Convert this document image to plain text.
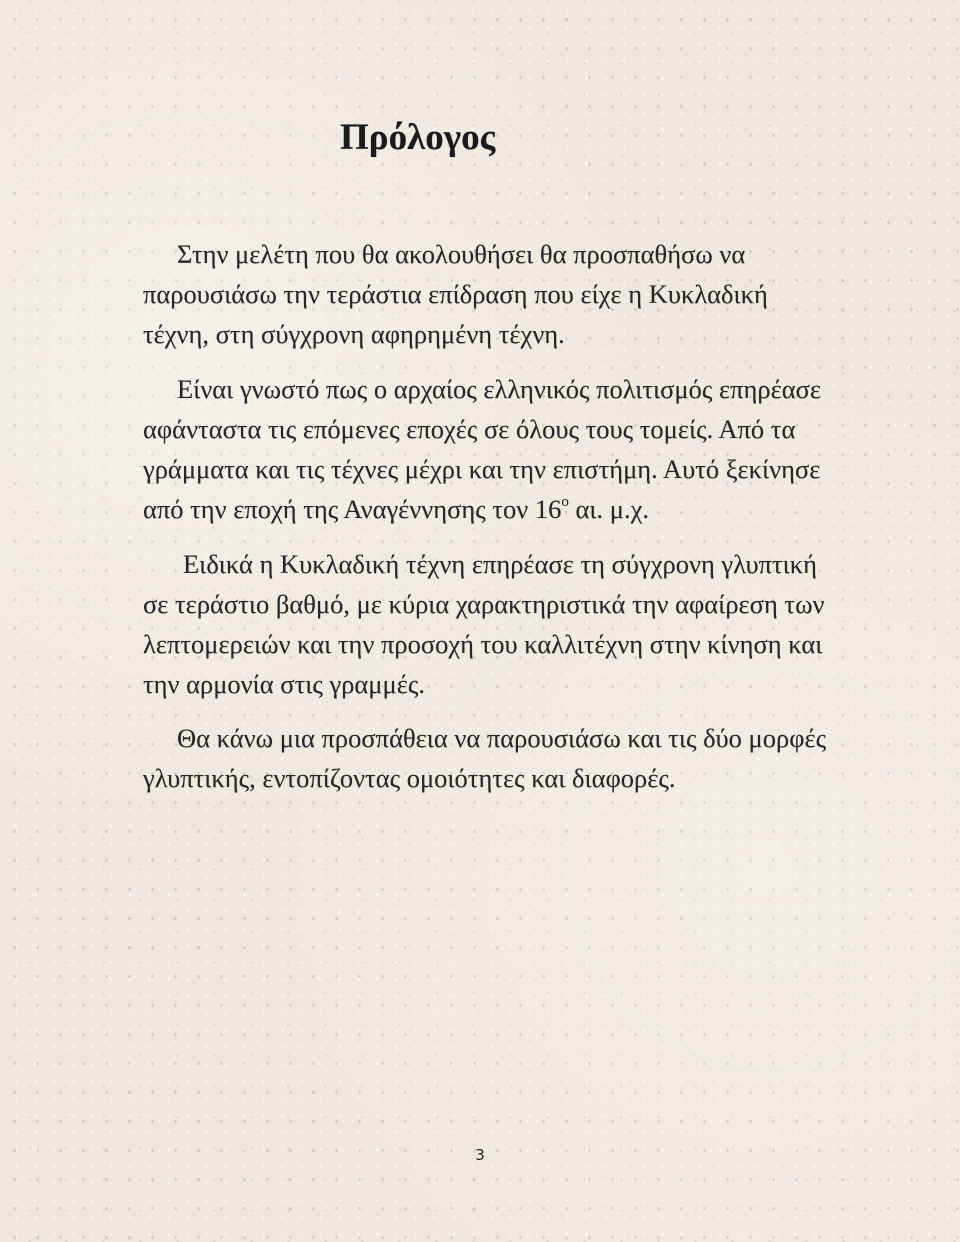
Πρόλογος

Στην μελέτη που θα ακολουθήσει θα προσπαθήσω να παρουσιάσω την τεράστια επίδραση που είχε η Κυκλαδική τέχνη, στη σύγχρονη αφηρημένη τέχνη.

Είναι γνωστό πως ο αρχαίος ελληνικός πολιτισμός επηρέασε αφάνταστα τις επόμενες εποχές σε όλους τους τομείς. Από τα γράμματα και τις τέχνες μέχρι και την επιστήμη. Αυτό ξεκίνησε από την εποχή της Αναγέννησης τον $16^o$ αι. μ.χ.

Ειδικά η Κυκλαδική τέχνη επηρέασε τη σύγχρονη γλυπτική σε τεράστιο βαθμό, με κύρια χαρακτηριστικά την αφαίρεση των λεπτομερειών και την προσοχή του καλλιτέχνη στην κίνηση και την αρμονία στις γραμμές.

Θα κάνω μια προσπάθεια να παρουσιάσω και τις δύο μορφές γλυπτικής, εντοπίζοντας ομοιότητες και διαφορές.

3
